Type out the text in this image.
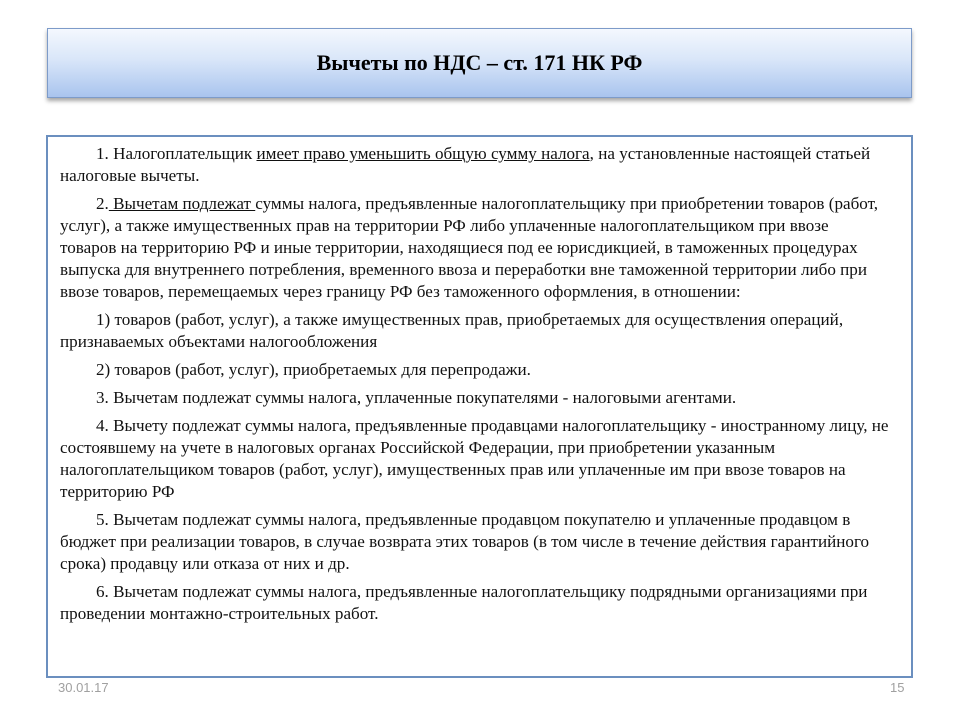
Вычеты по НДС – ст. 171 НК РФ

1. Налогоплательщик имеет право уменьшить общую сумму налога, на установленные настоящей статьей налоговые вычеты.

2. Вычетам подлежат суммы налога, предъявленные налогоплательщику при приобретении товаров (работ, услуг), а также имущественных прав на территории РФ либо уплаченные налогоплательщиком при ввозе товаров на территорию РФ и иные территории, находящиеся под ее юрисдикцией, в таможенных процедурах выпуска для внутреннего потребления, временного ввоза и переработки вне таможенной территории либо при ввозе товаров, перемещаемых через границу РФ без таможенного оформления, в отношении:

1) товаров (работ, услуг), а также имущественных прав, приобретаемых для осуществления операций, признаваемых объектами налогообложения

2) товаров (работ, услуг), приобретаемых для перепродажи.

3. Вычетам подлежат суммы налога, уплаченные покупателями - налоговыми агентами.

4. Вычету подлежат суммы налога, предъявленные продавцами налогоплательщику - иностранному лицу, не состоявшему на учете в налоговых органах Российской Федерации, при приобретении указанным налогоплательщиком товаров (работ, услуг), имущественных прав или уплаченные им при ввозе товаров на территорию РФ

5. Вычетам подлежат суммы налога, предъявленные продавцом покупателю и уплаченные продавцом в бюджет при реализации товаров, в случае возврата этих товаров (в том числе в течение действия гарантийного срока) продавцу или отказа от них и др.

6. Вычетам подлежат суммы налога, предъявленные налогоплательщику подрядными организациями при проведении монтажно-строительных работ.

30.01.17	15
